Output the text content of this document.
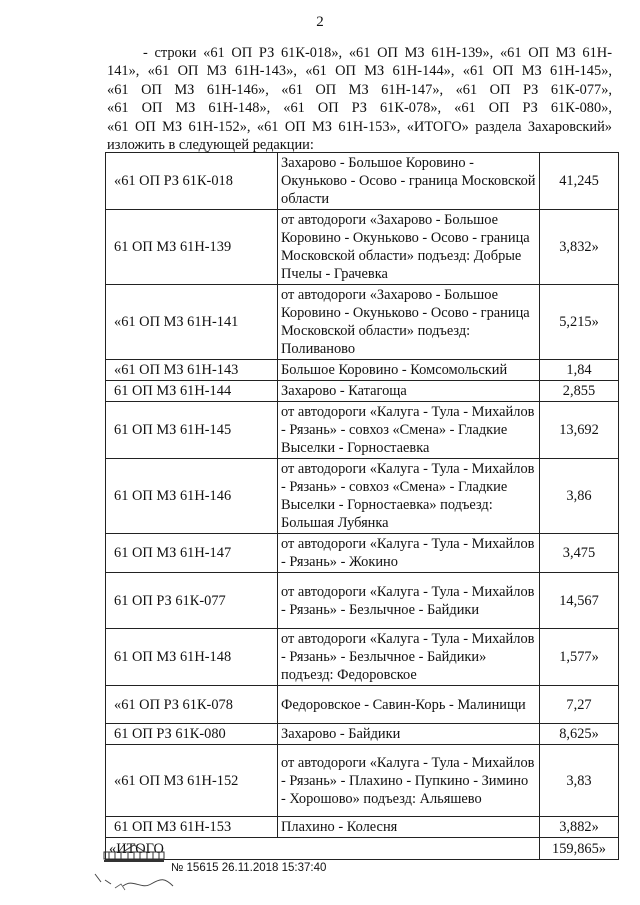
2

- строки «61 ОП РЗ 61К-018», «61 ОП МЗ 61Н-139», «61 ОП МЗ 61Н-
141», «61 ОП МЗ 61Н-143», «61 ОП МЗ 61Н-144», «61 ОП МЗ 61Н-145»,
«61 ОП МЗ 61Н-146», «61 ОП МЗ 61Н-147», «61 ОП РЗ 61К-077»,
«61 ОП МЗ 61Н-148», «61 ОП РЗ 61К-078», «61 ОП РЗ 61К-080»,
«61 ОП МЗ 61Н-152», «61 ОП МЗ 61Н-153», «ИТОГО» раздела Захаровский»
изложить в следующей редакции:

«61 ОП РЗ 61К-018	Захарово - Большое Коровино - Окуньково - Осово - граница Московской области	41,245
61 ОП МЗ 61Н-139	от автодороги «Захарово - Большое Коровино - Окуньково - Осово - граница Московской области» подъезд: Добрые Пчелы - Грачевка	3,832»
«61 ОП МЗ 61Н-141	от автодороги «Захарово - Большое Коровино - Окуньково - Осово - граница Московской области» подъезд: Поливаново	5,215»
«61 ОП МЗ 61Н-143	Большое Коровино - Комсомольский	1,84
61 ОП МЗ 61Н-144	Захарово - Катагоща	2,855
61 ОП МЗ 61Н-145	от автодороги «Калуга - Тула - Михайлов - Рязань» - совхоз «Смена» - Гладкие Выселки - Горностаевка	13,692
61 ОП МЗ 61Н-146	от автодороги «Калуга - Тула - Михайлов - Рязань» - совхоз «Смена» - Гладкие Выселки - Горностаевка» подъезд: Большая Лубянка	3,86
61 ОП МЗ 61Н-147	от автодороги «Калуга - Тула - Михайлов - Рязань» - Жокино	3,475
61 ОП РЗ 61К-077	от автодороги «Калуга - Тула - Михайлов - Рязань» - Безлычное - Байдики	14,567
61 ОП МЗ 61Н-148	от автодороги «Калуга - Тула - Михайлов - Рязань» - Безлычное - Байдики» подъезд: Федоровское	1,577»
«61 ОП РЗ 61К-078	Федоровское - Савин-Корь - Малинищи	7,27
61 ОП РЗ 61К-080	Захарово - Байдики	8,625»
«61 ОП МЗ 61Н-152	от автодороги «Калуга - Тула - Михайлов - Рязань» - Плахино - Пупкино - Зимино - Хорошово» подъезд: Альяшево	3,83
61 ОП МЗ 61Н-153	Плахино - Колесня	3,882»
«ИТОГО		159,865»
№ 15615 26.11.2018 15:37:40
